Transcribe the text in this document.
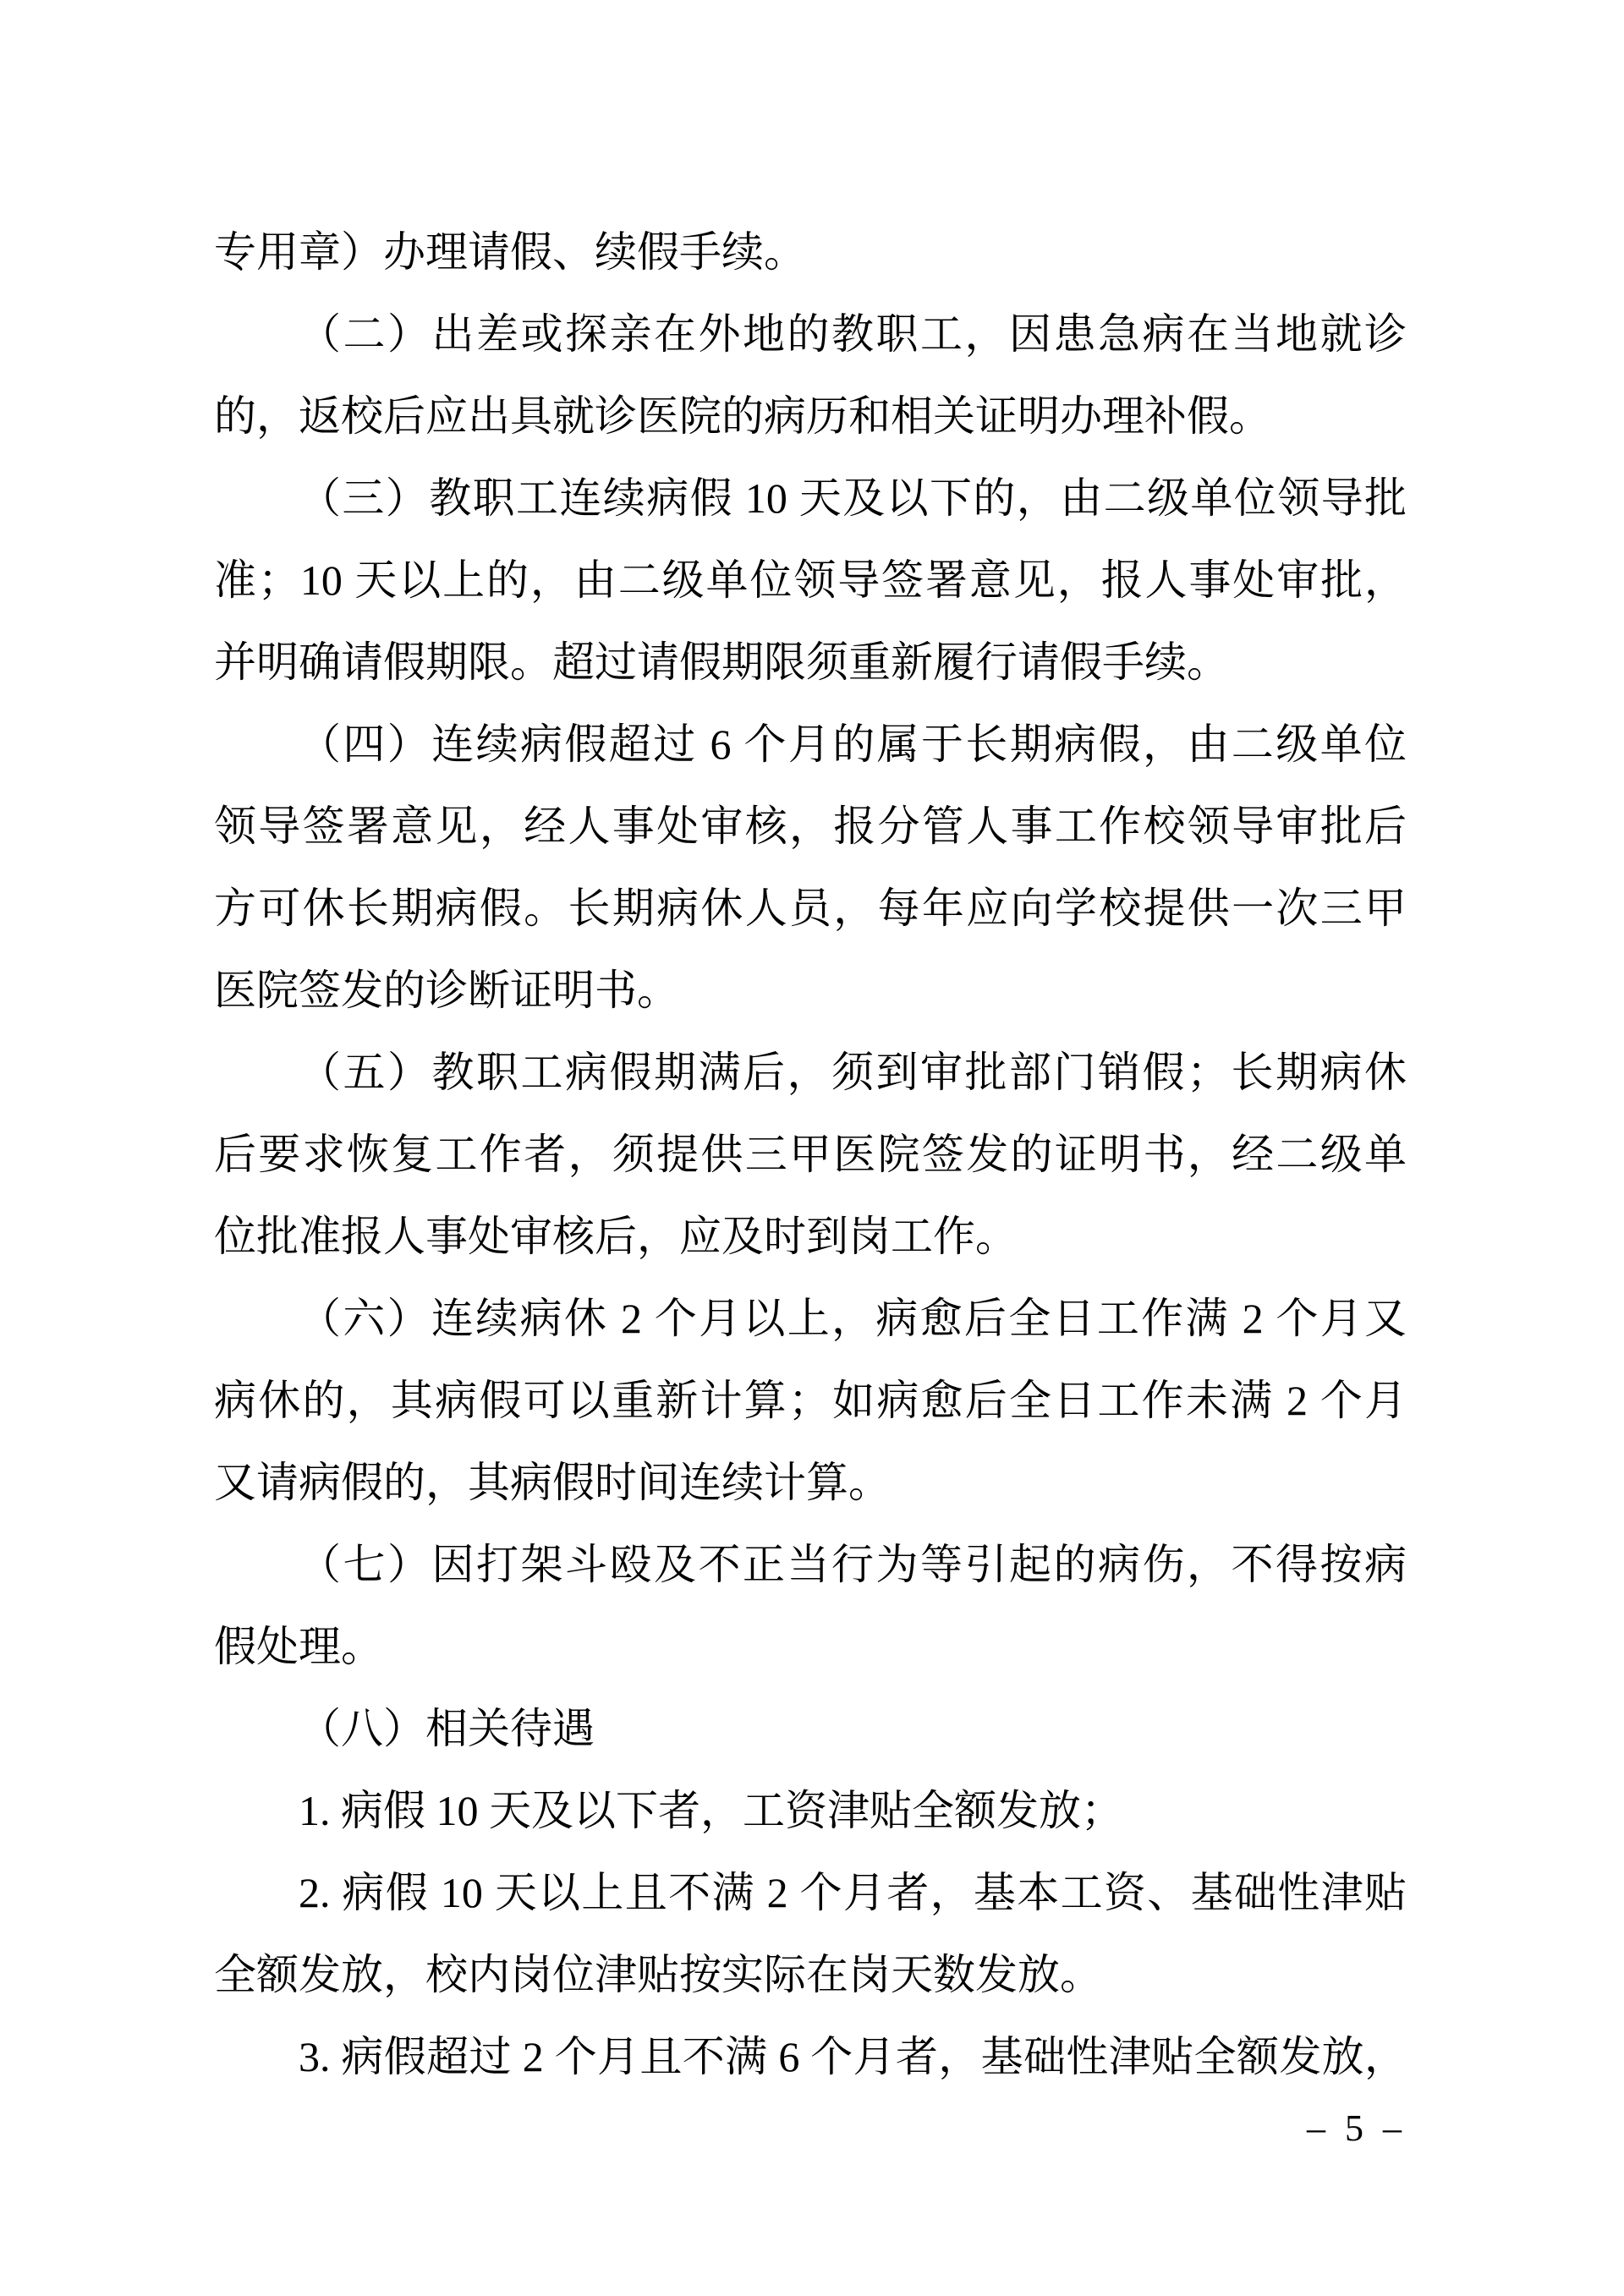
专用章）办理请假、续假手续。
（二）出差或探亲在外地的教职工，因患急病在当地就诊
的，返校后应出具就诊医院的病历和相关证明办理补假。
（三）教职工连续病假 10 天及以下的，由二级单位领导批
准；10 天以上的，由二级单位领导签署意见，报人事处审批，
并明确请假期限。超过请假期限须重新履行请假手续。
（四）连续病假超过 6 个月的属于长期病假，由二级单位
领导签署意见，经人事处审核，报分管人事工作校领导审批后
方可休长期病假。长期病休人员，每年应向学校提供一次三甲
医院签发的诊断证明书。
（五）教职工病假期满后，须到审批部门销假；长期病休
后要求恢复工作者，须提供三甲医院签发的证明书，经二级单
位批准报人事处审核后，应及时到岗工作。
（六）连续病休 2 个月以上，病愈后全日工作满 2 个月又
病休的，其病假可以重新计算；如病愈后全日工作未满 2 个月
又请病假的，其病假时间连续计算。
（七）因打架斗殴及不正当行为等引起的病伤，不得按病
假处理。
（八）相关待遇
1. 病假 10 天及以下者，工资津贴全额发放；
2. 病假 10 天以上且不满 2 个月者，基本工资、基础性津贴
全额发放，校内岗位津贴按实际在岗天数发放。
3. 病假超过 2 个月且不满 6 个月者，基础性津贴全额发放，
– 5 –
